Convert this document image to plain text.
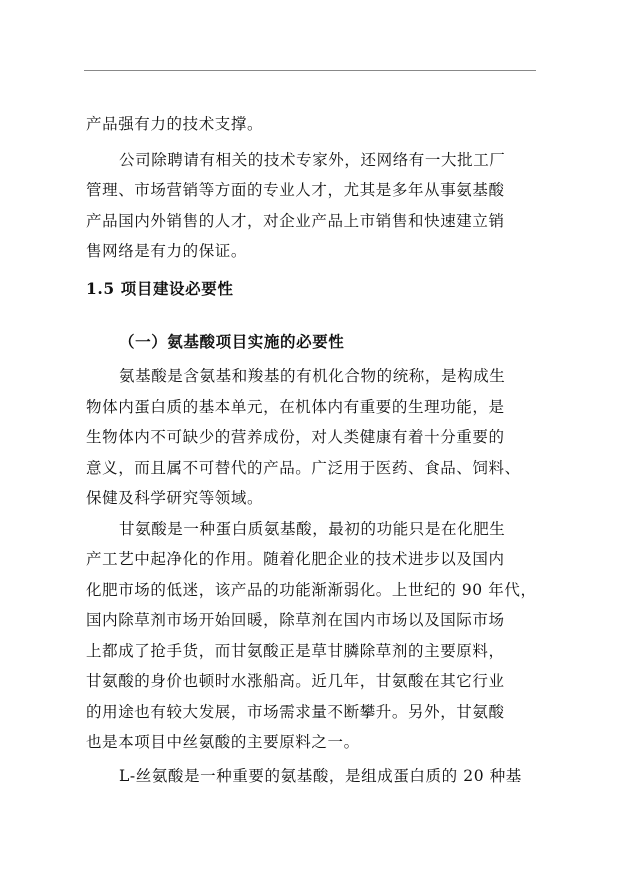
产品强有力的技术支撑。
公司除聘请有相关的技术专家外，还网络有一大批工厂
管理、市场营销等方面的专业人才，尤其是多年从事氨基酸
产品国内外销售的人才，对企业产品上市销售和快速建立销
售网络是有力的保证。
1.5 项目建设必要性
（一）氨基酸项目实施的必要性
氨基酸是含氨基和羧基的有机化合物的统称，是构成生
物体内蛋白质的基本单元，在机体内有重要的生理功能，是
生物体内不可缺少的营养成份，对人类健康有着十分重要的
意义，而且属不可替代的产品。广泛用于医药、食品、饲料、
保健及科学研究等领域。
甘氨酸是一种蛋白质氨基酸，最初的功能只是在化肥生
产工艺中起净化的作用。随着化肥企业的技术进步以及国内
化肥市场的低迷，该产品的功能渐渐弱化。上世纪的 90 年代，
国内除草剂市场开始回暖，除草剂在国内市场以及国际市场
上都成了抢手货，而甘氨酸正是草甘膦除草剂的主要原料，
甘氨酸的身价也顿时水涨船高。近几年，甘氨酸在其它行业
的用途也有较大发展，市场需求量不断攀升。另外，甘氨酸
也是本项目中丝氨酸的主要原料之一。
L-丝氨酸是一种重要的氨基酸，是组成蛋白质的 20 种基
